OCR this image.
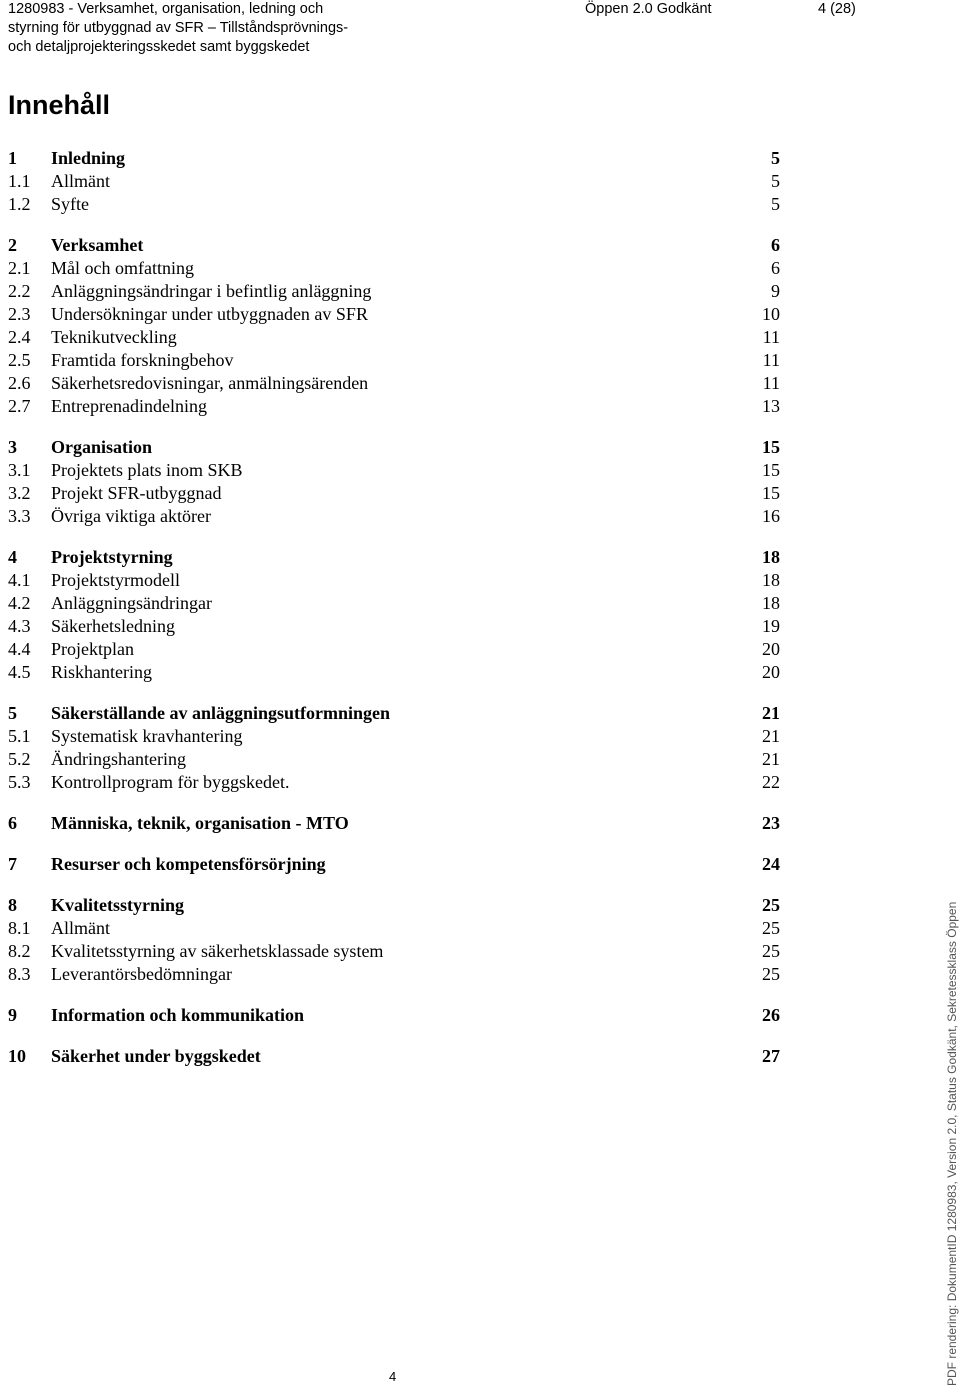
1280983 - Verksamhet, organisation, ledning och
styrning för utbyggnad av SFR – Tillståndsprövnings-
och detaljprojekteringsskedet samt byggskedet
Öppen 2.0 Godkänt	4 (28)
Innehåll
1 Inledning	5
1.1 Allmänt	5
1.2 Syfte	5
2 Verksamhet	6
2.1 Mål och omfattning	6
2.2 Anläggningsändringar i befintlig anläggning	9
2.3 Undersökningar under utbyggnaden av SFR	10
2.4 Teknikutveckling	11
2.5 Framtida forskningbehov	11
2.6 Säkerhetsredovisningar, anmälningsärenden	11
2.7 Entreprenadindelning	13
3 Organisation	15
3.1 Projektets plats inom SKB	15
3.2 Projekt SFR-utbyggnad	15
3.3 Övriga viktiga aktörer	16
4 Projektstyrning	18
4.1 Projektstyrmodell	18
4.2 Anläggningsändringar	18
4.3 Säkerhetsledning	19
4.4 Projektplan	20
4.5 Riskhantering	20
5 Säkerställande av anläggningsutformningen	21
5.1 Systematisk kravhantering	21
5.2 Ändringshantering	21
5.3 Kontrollprogram för byggskedet.	22
6 Människa, teknik, organisation - MTO	23
7 Resurser och kompetensförsörjning	24
8 Kvalitetsstyrning	25
8.1 Allmänt	25
8.2 Kvalitetsstyrning av säkerhetsklassade system	25
8.3 Leverantörsbedömningar	25
9 Information och kommunikation	26
10 Säkerhet under byggskedet	27
4	PDF rendering: DokumentID 1280983, Version 2.0, Status Godkänt, Sekretessklass Öppen
